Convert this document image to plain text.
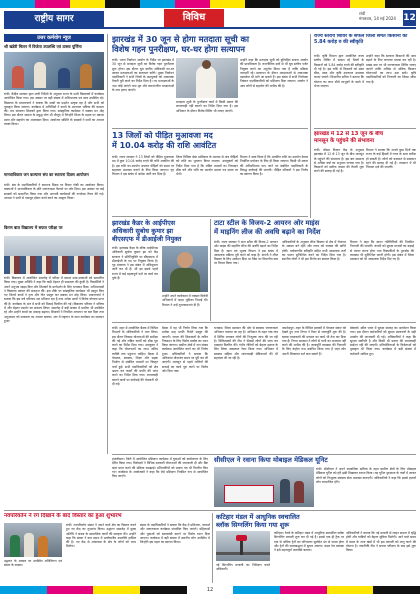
राष्ट्रीय सागर	विविध	रांची
मंगलवार, 14 मई 2024 12
उत्तर कर्मयोग न्यूज
श्री खंडेरी मिलन में विजेता उपलब्धि एवं उत्सव पूर्णिमा
रांची। केंद्रीय सरकार द्वारा जारी निर्देशों के अनुसार राज्य के सभी विद्यालयों में कार्यक्रम आयोजित किया गया। इस अवसर पर बड़ी संख्या में अभिभावक एवं छात्र उपस्थित रहे। विद्यालय के प्रधानाचार्य ने बताया कि छात्रों का प्रदर्शन उत्कृष्ट रहा है और सभी को पुरस्कृत किया जाएगा। कार्यक्रम में अतिथियों ने बच्चों के उज्ज्वल भविष्य की कामना की। मंच संचालन शिक्षकों द्वारा किया गया। सांस्कृतिक कार्यक्रम ने सबका मन मोह लिया। इस दौरान समाज के प्रबुद्ध लोग भी मौजूद थे जिन्होंने शिक्षा के महत्व पर प्रकाश डाला और सहयोग का आश्वासन दिया। आयोजन समिति के सदस्यों ने सभी का आभार व्यक्त किया।
मानवाधिकार जन कल्याण संघ का स्थापना दिवस आयोजन
रांची। संघ के पदाधिकारियों ने स्थापना दिवस पर विचार गोष्ठी का आयोजन किया। वक्ताओं ने मानवाधिकार के प्रति जागरूकता फैलाने पर जोर दिया। इस अवसर पर कई सदस्यों को सम्मानित किया गया और आगामी कार्यक्रमों की रूपरेखा तैयार की गई। अध्यक्ष ने सभी से एकजुट होकर कार्य करने का आह्वान किया।
किरण बाल विद्यालय में सफल परीक्षा पर
रांची। विद्यालय में आयोजित समारोह में परीक्षा में सफल छात्र-छात्राओं को सम्मानित किया गया। मुख्य अतिथि ने कहा कि कड़ी मेहनत ही सफलता की कुंजी है। विद्यार्थियों ने अपने अनुभव साझा किए और शिक्षकों के मार्गदर्शन के लिए धन्यवाद दिया। अभिभावकों ने विद्यालय प्रबंधन की सराहना की। इस मौके पर सांस्कृतिक कार्यक्रम भी प्रस्तुत किए गए जिनमें बच्चों ने नृत्य और गीत प्रस्तुत कर सबका मन मोह लिया। प्रधानाचार्य ने बताया कि इस वर्ष परिणाम शत प्रतिशत रहा है तथा अनेक छात्रों ने विशेष योग्यता प्राप्त की है। कार्यक्रम के अंत में सभी को मिठाई वितरित की गई। विद्यालय परिवार ने भविष्य में और बेहतर प्रदर्शन का संकल्प लिया। समारोह में बड़ी संख्या में ग्रामीण भी उपस्थित रहे और उन्होंने बच्चों का उत्साह बढ़ाया। शिक्षकों ने नियमित अध्ययन पर बल दिया तथा अनुशासन को सफलता का आधार बताया। अंत में राष्ट्रगान के साथ कार्यक्रम का समापन हुआ।
झारखंड में 30 जून से होगा मतदाता सूची का
विशेष गहन पुनरीक्षण, घर-घर होगा सत्यापन
रांची। भारत निर्वाचन आयोग के निर्देश पर झारखंड में 30 जून से मतदाता सूची का विशेष गहन पुनरीक्षण शुरू होगा। इस दौरान बूथ स्तरीय अधिकारी घर-घर जाकर मतदाताओं का सत्यापन करेंगे। मुख्य निर्वाचन पदाधिकारी ने सभी जिलों के उपायुक्तों को आवश्यक तैयारी पूरी करने का निर्देश दिया है। नए मतदाताओं के नाम जोड़े जाएंगे तथा मृत और स्थानांतरित मतदाताओं के नाम हटाए जाएंगे।
मतदाता सूची के पुनरीक्षण कार्य में किसी प्रकार की लापरवाही नहीं बरतने का निर्देश दिया गया है। इस अभियान के दौरान विशेष शिविर भी लगाए जाएंगे।
उन्होंने कहा कि मतदाता सूची को त्रुटिरहित बनाना आयोग की प्राथमिकता है। राजनीतिक दलों से भी बूथ स्तरीय एजेंट नियुक्त करने का अनुरोध किया गया है ताकि प्रक्रिया पारदर्शी रहे। सत्यापन के दौरान मतदाताओं से आवश्यक दस्तावेज भी मांगे जा सकते हैं। इस संबंध में सभी निर्वाचक निबंधन पदाधिकारियों को प्रशिक्षण दिया जाएगा। आयोग ने आम लोगों से सहयोग की अपील की है।
13 जिलों को पीड़ित मुआवजा मद
में 10.04 करोड़ की राशि आवंटित
रांची। राज्य सरकार ने 13 जिलों को पीड़ित मुआवजा मद में कुल 10.04 करोड़ रुपये की राशि आवंटित की है। इस राशि का उपयोग अपराध पीड़ितों को समय पर सहायता उपलब्ध कराने के लिए किया जाएगा। गृह विभाग ने इस संबंध में आदेश जारी कर दिया है।
जिला विधिक सेवा प्राधिकार के माध्यम से पात्र पीड़ितों को राशि का भुगतान किया जाएगा। उपायुक्तों को निर्देश दिया गया है कि लंबित मामलों का निष्पादन शीघ्र करें और राशि का उपयोग प्रमाण पत्र समय पर भेजें।
विभाग ने स्पष्ट किया है कि आवंटित राशि का उपयोग केवल निर्धारित प्रयोजन के लिए ही किया जाएगा। किसी भी प्रकार की अनियमितता पाए जाने पर संबंधित पदाधिकारी के विरुद्ध कार्रवाई की जाएगी। पीड़ित परिवारों ने इस निर्णय का स्वागत किया है।
झारखंड कैडर के आईपीएस
अधिकारी सुबोध कुमार झा
बीएसएफ में डीआईजी नियुक्त
रांची। झारखंड कैडर के वरिष्ठ आईपीएस अधिकारी सुबोध कुमार झा को केंद्र सरकार ने प्रतिनियुक्ति पर बीएसएफ में डीआईजी के पद पर नियुक्त किया है। गृह मंत्रालय ने इस संबंध में अधिसूचना जारी कर दी है। श्री झा इससे पहले राज्य में कई महत्वपूर्ण पदों पर कार्य कर चुके हैं।
उन्होंने अपने कार्यकाल में नक्सल विरोधी अभियानों में अहम भूमिका निभाई थी। विभाग ने उन्हें शुभकामनाएं दी हैं।
टाटा स्टील के विजय-2 आयरन ओर माइंस
में माइनिंग लीज की अवधि बढ़ाने का निर्देश
रांची। राज्य सरकार ने टाटा स्टील की विजय-2 आयरन ओर माइंस की माइनिंग लीज की अवधि बढ़ाने का निर्देश दिया है। खान एवं भूतत्व विभाग ने इस संबंध में आवश्यक प्रक्रिया पूरी करने को कहा है। कंपनी ने लीज विस्तार के लिए आवेदन दिया था जिस पर विभागीय स्तर पर विचार किया गया।
अधिकारियों के अनुसार लीज विस्तार से क्षेत्र में रोजगार के अवसर बने रहेंगे और राज्य को राजस्व की प्राप्ति होगी। पर्यावरणीय स्वीकृति सहित सभी आवश्यक शर्तों का पालन सुनिश्चित करने का निर्देश दिया गया है। स्थानीय लोगों ने भी इस निर्णय का स्वागत किया है।
विभाग ने कहा कि खनन गतिविधियों की नियमित निगरानी की जाएगी। कंपनी को सुरक्षा मानकों का कड़ाई से पालन करना होगा तथा विस्थापितों के पुनर्वास की व्यवस्था भी सुनिश्चित करनी होगी। इस संबंध में जिला प्रशासन को भी आवश्यक निर्देश दिए गए हैं।
राज्य स्तरीय शिविर के सफल जिलों समेत किसानों को 5.84 करोड़ रु की स्वीकृति
रांची। कृषि विभाग द्वारा आयोजित राज्य स्तरीय शिविर में सफल रहे जिलों के किसानों को 5.84 करोड़ रुपये की स्वीकृति दी गई है। इस राशि से किसानों को उन्नत बीज, खाद और कृषि उपकरण उपलब्ध कराए जाएंगे। विभागीय सचिव ने बताया कि योजना का लाभ सीधे लाभुकों के खाते में भेजा जाएगा।
उन्होंने कहा कि सरकार किसानों की आय बढ़ाने के लिए लगातार प्रयास कर रही है। प्रखंड स्तर पर भी जागरूकता शिविर लगाए जाएंगे ताकि अधिक से अधिक किसान योजनाओं का लाभ उठा सकें। कृषि पदाधिकारियों को निगरानी का जिम्मा सौंपा गया है।
झारखंड में 12 से 13 जून के बीच
मानसून के पहुंचने की संभावना
रांची। मौसम विज्ञान केंद्र के अनुसार झारखंड में 12 से 13 जून के बीच मानसून के पहुंचने की संभावना है। इस बार सामान्य से अधिक वर्षा का अनुमान लगाया गया है। किसानों को खरीफ फसल की तैयारी शुरू करने की सलाह दी गई है।
विभाग ने बताया कि अगले कुछ दिनों तक राज्य के कई हिस्सों में गरज के साथ बारिश हो सकती है। लोगों को वज्रपात से सावधान रहने की सलाह दी गई है। तापमान में भी गिरावट दर्ज की जाएगी।
रांची। शहर में आयोजित बैठक में विभिन्न विभागों के अधिकारियों ने भाग लिया। इस दौरान विकास योजनाओं की समीक्षा की गई और लंबित कार्यों को शीघ्र पूरा करने का निर्देश दिया गया। उपायुक्त ने कहा कि योजनाओं का लाभ अंतिम व्यक्ति तक पहुंचना चाहिए। बैठक में पेयजल, स्वास्थ्य, शिक्षा और सड़क निर्माण से संबंधित मामलों पर विस्तृत चर्चा हुई। सभी पदाधिकारियों को क्षेत्र भ्रमण कर कार्यों की प्रगति की जांच करने का निर्देश दिया गया। लापरवाही बरतने वालों पर कार्रवाई की चेतावनी भी दी गई।
बैठक में यह भी निर्णय लिया गया कि प्रत्येक माह प्रगति रिपोर्ट प्रस्तुत की जाएगी। जनता की शिकायतों के त्वरित निष्पादन के लिए विशेष प्रकोष्ठ का गठन किया जाएगा। ग्रामीण क्षेत्रों में जन संवाद कार्यक्रम आयोजित करने का भी निर्णय हुआ। अधिकारियों ने बताया कि अधिकांश योजनाएं समय पर पूरी कर ली जाएंगी। मानसून से पहले नालियों की सफाई का कार्य पूरा करने पर विशेष जोर दिया गया।
धनबाद। जिला प्रशासन की ओर से स्वास्थ्य जागरूकता अभियान चलाया जा रहा है। अभियान के तहत गांव-गांव में शिविर लगाकर लोगों की निःशुल्क जांच की जा रही है। चिकित्सकों की टीम ने सैकड़ों लोगों की जांच कर दवाइयां वितरित कीं। गंभीर रोगियों को बेहतर इलाज के लिए जिला अस्पताल रेफर किया गया। अभियान में स्वास्थ्य सहिया और आंगनबाड़ी सेविकाओं की भी सहायता ली जा रही है।
जमशेदपुर। शहर के विभिन्न इलाकों में पेयजल संकट को देखते हुए नगर निगम ने टैंकर से जलापूर्ति शुरू की है। खराब चापाकलों की मरम्मत का कार्य भी तेज कर दिया गया है। निगम प्रशासन ने लोगों से पानी का अपव्यय नहीं करने की अपील की है। जलापूर्ति व्यवस्था की निगरानी के लिए कंट्रोल रूम स्थापित किया गया है जहां लोग अपनी शिकायत दर्ज करा सकते हैं।
बोकारो। स्टील प्लांट में सुरक्षा सप्ताह का आयोजन किया गया। इस दौरान कर्मचारियों को सुरक्षा उपकरणों के सही उपयोग की जानकारी दी गई। अधिकारियों ने कहा कि सुरक्षा सर्वोपरि है और किसी भी प्रकार की लापरवाही बर्दाश्त नहीं की जाएगी। प्रतियोगिताओं के विजेताओं को पुरस्कृत भी किया गया। कार्यक्रम में बड़ी संख्या में कर्मचारी शामिल हुए।
सीसीएल ने रवाना किया मोबाइल मेडिकल यूनिट
रांची। सीसीएल ने अपने सामाजिक दायित्व के तहत ग्रामीण क्षेत्रों के लिए मोबाइल मेडिकल यूनिट को हरी झंडी दिखाकर रवाना किया। यह यूनिट दूरदराज के गांवों में जाकर लोगों को निःशुल्क स्वास्थ्य सेवा उपलब्ध कराएगी। अधिकारियों ने कहा कि इससे हजारों लोग लाभान्वित होंगे।
हजारीबाग। जिले में आयोजित प्रशिक्षण कार्यक्रम में युवाओं को स्वरोजगार के लिए प्रेरित किया गया। विशेषज्ञों ने विभिन्न सरकारी योजनाओं की जानकारी दी और बैंक ऋण प्राप्त करने की प्रक्रिया समझाई। प्रतिभागियों को प्रमाण पत्र भी वितरित किए गए। कार्यक्रम के आयोजकों ने कहा कि ऐसे प्रशिक्षण नियमित रूप से आयोजित किए जाएंगे।
नवपरिवर्तन ने रंग दिखाने के बाद विस्तार का हुआ शुभारंभ
रांची। नवपरिवर्तन संस्था ने अपने कार्य क्षेत्र का विस्तार करते हुए नए केंद्र का शुभारंभ किया। उद्घाटन समारोह में मुख्य अतिथि ने संस्था के सामाजिक कार्यों की सराहना की। उन्होंने कहा कि संस्था ने कम समय में उल्लेखनीय उपलब्धि हासिल की है। नए केंद्र से आसपास के क्षेत्र के लोगों को लाभ मिलेगा।
संस्था के पदाधिकारियों ने बताया कि केंद्र में प्रशिक्षण, परामर्श और जागरूकता कार्यक्रम संचालित किए जाएंगे। महिलाओं और युवाओं को स्वावलंबी बनाने पर विशेष ध्यान दिया जाएगा। कार्यक्रम में बड़ी संख्या में स्थानीय लोग उपस्थित थे जिन्होंने इस पहल का स्वागत किया।
उद्घाटन के अवसर पर उपस्थित अतिथिगण एवं संस्था के सदस्य।
कटिहार मंडल में आधुनिक स्वचालित
ब्लॉक सिग्नलिंग किया गया शुरू
कटिहार। रेलवे के कटिहार मंडल में आधुनिक स्वचालित ब्लॉक सिग्नलिंग प्रणाली शुरू कर दी गई है। इससे एक ही ट्रैक पर एक से अधिक ट्रेनों का परिचालन सुरक्षित ढंग से संभव होगा और ट्रेनों की समयबद्धता में सुधार आएगा। मंडल रेल प्रबंधक ने इसे महत्वपूर्ण उपलब्धि बताया।
अधिकारियों ने बताया कि नई प्रणाली से लाइन क्षमता में वृद्धि होगी और यात्रियों को बेहतर सुविधा मिलेगी। आने वाले समय में मंडल के अन्य खंडों में भी इस प्रणाली को लागू करने की योजना है। तकनीकी टीम ने सफल परीक्षण के बाद इसे शुरू किया।
नई सिग्नलिंग प्रणाली का निरीक्षण करते अधिकारी।
12
